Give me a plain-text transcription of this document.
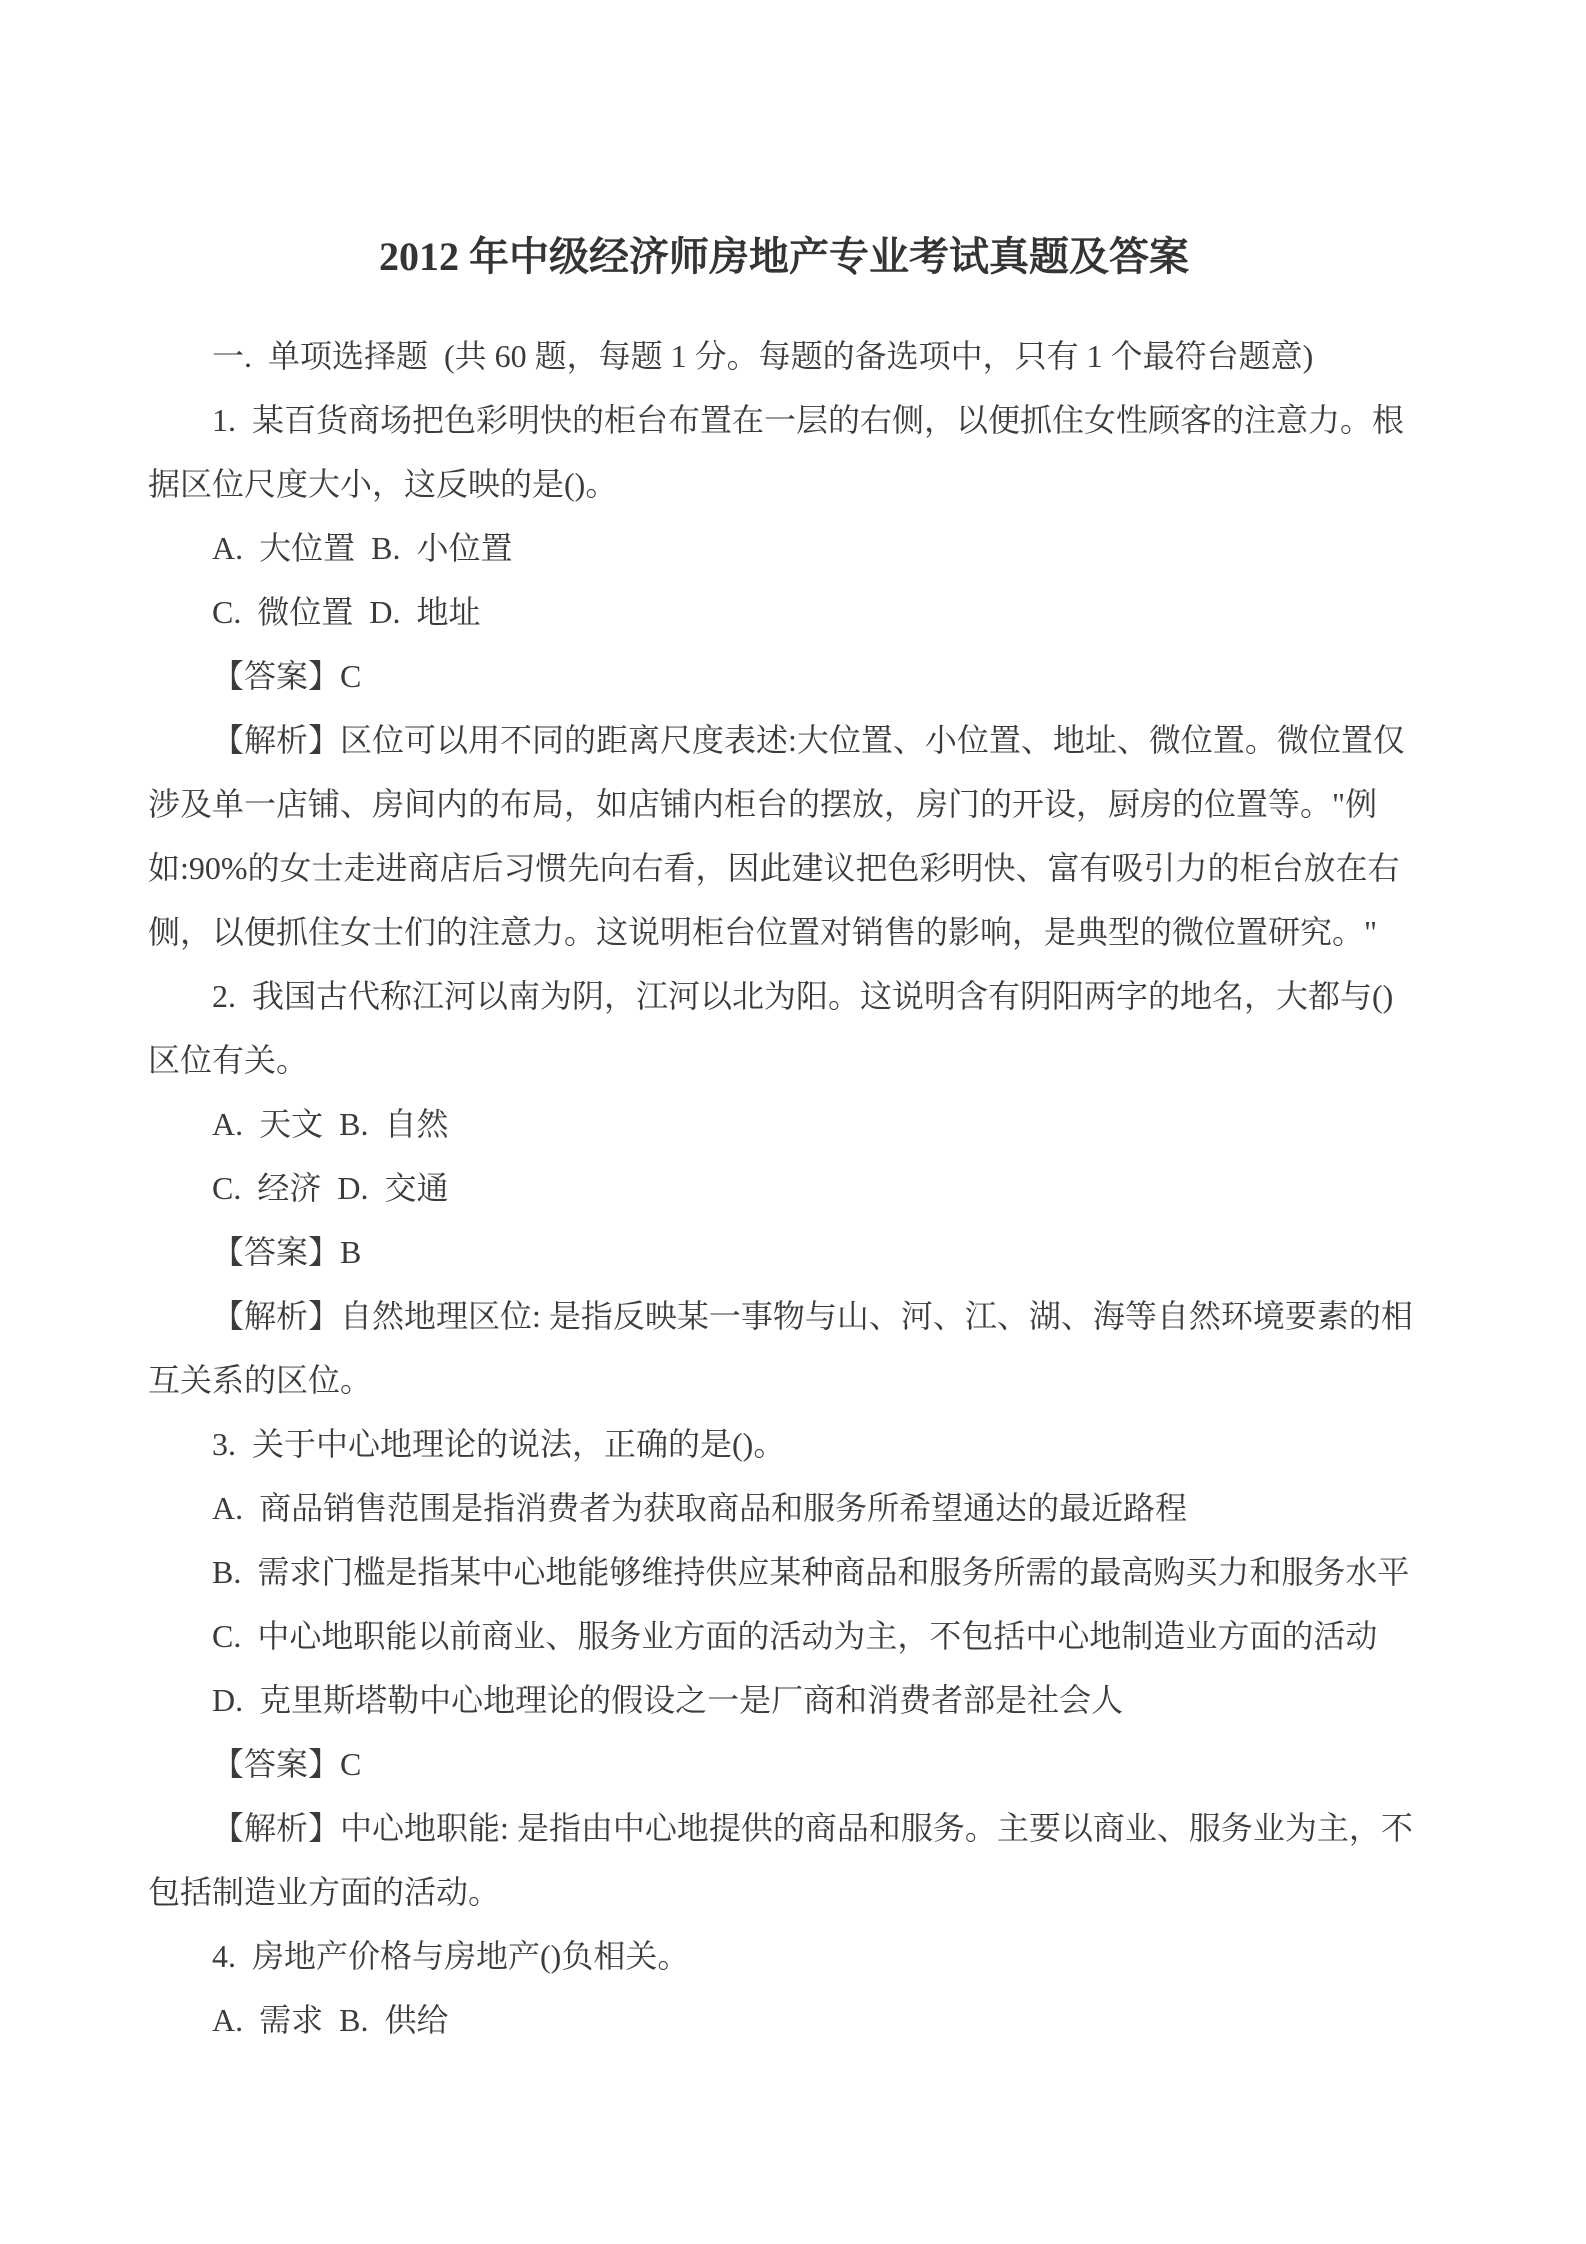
2012 年中级经济师房地产专业考试真题及答案

一.  单项选择题  (共 60 题，每题 1 分。每题的备选项中，只有 1 个最符台题意)

1.  某百货商场把色彩明快的柜台布置在一层的右侧，以便抓住女性顾客的注意力。根据区位尺度大小，这反映的是()。

A.  大位置  B.  小位置

C.  微位置  D.  地址

【答案】C

【解析】区位可以用不同的距离尺度表述:大位置、小位置、地址、微位置。微位置仅涉及单一店铺、房间内的布局，如店铺内柜台的摆放，房门的开设，厨房的位置等。"例如:90%的女士走进商店后习惯先向右看，因此建议把色彩明快、富有吸引力的柜台放在右侧，以便抓住女士们的注意力。这说明柜台位置对销售的影响，是典型的微位置研究。"

2.  我国古代称江河以南为阴，江河以北为阳。这说明含有阴阳两字的地名，大都与()区位有关。

A.  天文  B.  自然

C.  经济  D.  交通

【答案】B

【解析】自然地理区位: 是指反映某一事物与山、河、江、湖、海等自然环境要素的相互关系的区位。

3.  关于中心地理论的说法，正确的是()。

A.  商品销售范围是指消费者为获取商品和服务所希望通达的最近路程

B.  需求门槛是指某中心地能够维持供应某种商品和服务所需的最高购买力和服务水平

C.  中心地职能以前商业、服务业方面的活动为主，不包括中心地制造业方面的活动

D.  克里斯塔勒中心地理论的假设之一是厂商和消费者部是社会人

【答案】C

【解析】中心地职能: 是指由中心地提供的商品和服务。主要以商业、服务业为主，不包括制造业方面的活动。

4.  房地产价格与房地产()负相关。

A.  需求  B.  供给
